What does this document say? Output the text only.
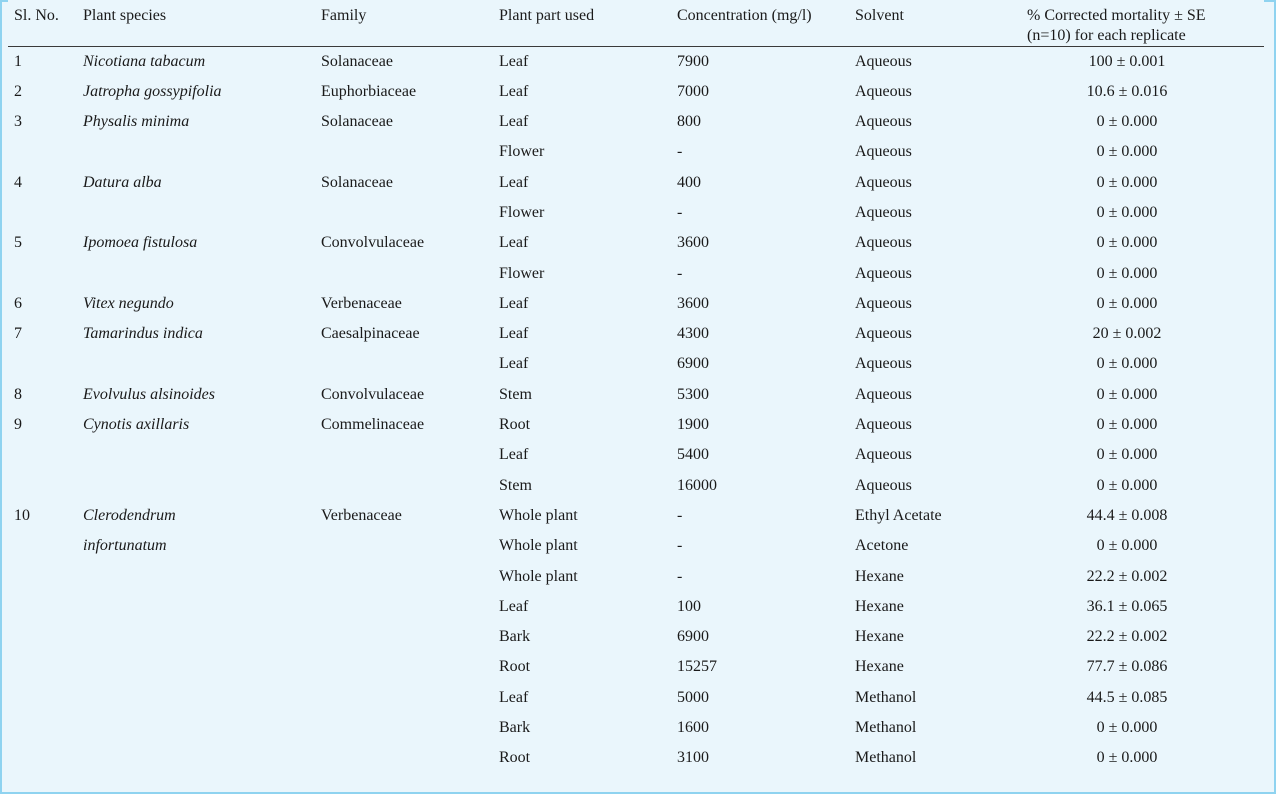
Sl. No.	Plant species	Family	Plant part used	Concentration (mg/l)	Solvent	% Corrected mortality ± SE
(n=10) for each replicate

1	Nicotiana tabacum	Solanaceae	Leaf	7900	Aqueous	100 ± 0.001
2	Jatropha gossypifolia	Euphorbiaceae	Leaf	7000	Aqueous	10.6 ± 0.016
3	Physalis minima	Solanaceae	Leaf	800	Aqueous	0 ± 0.000
			Flower	-	Aqueous	0 ± 0.000
4	Datura alba	Solanaceae	Leaf	400	Aqueous	0 ± 0.000
			Flower	-	Aqueous	0 ± 0.000
5	Ipomoea fistulosa	Convolvulaceae	Leaf	3600	Aqueous	0 ± 0.000
			Flower	-	Aqueous	0 ± 0.000
6	Vitex negundo	Verbenaceae	Leaf	3600	Aqueous	0 ± 0.000
7	Tamarindus indica	Caesalpinaceae	Leaf	4300	Aqueous	20 ± 0.002
			Leaf	6900	Aqueous	0 ± 0.000
8	Evolvulus alsinoides	Convolvulaceae	Stem	5300	Aqueous	0 ± 0.000
9	Cynotis axillaris	Commelinaceae	Root	1900	Aqueous	0 ± 0.000
			Leaf	5400	Aqueous	0 ± 0.000
			Stem	16000	Aqueous	0 ± 0.000
10	Clerodendrum	Verbenaceae	Whole plant	-	Ethyl Acetate	44.4 ± 0.008
	infortunatum		Whole plant	-	Acetone	0 ± 0.000
			Whole plant	-	Hexane	22.2 ± 0.002
			Leaf	100	Hexane	36.1 ± 0.065
			Bark	6900	Hexane	22.2 ± 0.002
			Root	15257	Hexane	77.7 ± 0.086
			Leaf	5000	Methanol	44.5 ± 0.085
			Bark	1600	Methanol	0 ± 0.000
			Root	3100	Methanol	0 ± 0.000
